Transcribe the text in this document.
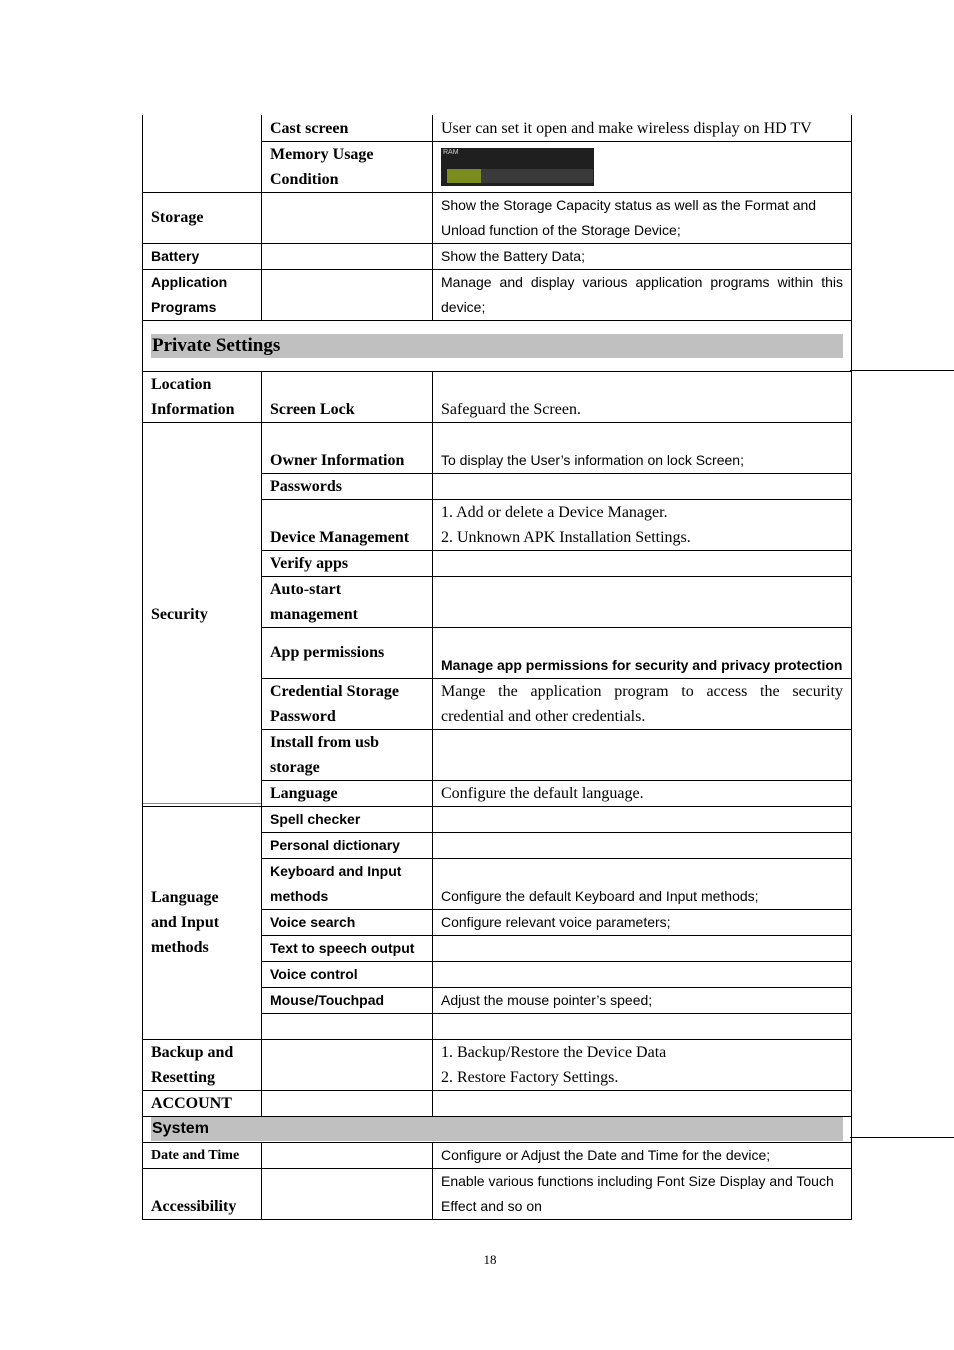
	Cast screen	User can set it open and make wireless display on HD TV
	Memory Usage Condition	RAM

Storage		Show the Storage Capacity status as well as the Format and Unload function of the Storage Device;
Battery		Show the Battery Data;
Application Programs		Manage and display various application programs within this device;

Private Settings		

Location Information	Screen Lock	Safeguard the Screen.
Security	Owner Information	To display the User’s information on lock Screen;
	Passwords	
	Device Management	1. Add or delete a Device Manager.
2. Unknown APK Installation Settings.

	Verify apps	
	Auto-start management	
	App permissions	Manage app permissions for security and privacy protection
	Credential Storage Password	Mange the application program to access the security credential and other credentials.
	Install from usb storage	
	Language	Configure the default language.

Language and Input methods	Spell checker	
	Personal dictionary	
	Keyboard and Input methods	Configure the default Keyboard and Input methods;
	Voice search	Configure relevant voice parameters;
	Text to speech output	
	Voice control	
	Mouse/Touchpad	Adjust the mouse pointer’s speed;

Backup and Resetting		1. Backup/Restore the Device Data
2. Restore Factory Settings.

ACCOUNT		

System		

Date and Time		Configure or Adjust the Date and Time for the device;
Accessibility		Enable various functions including Font Size Display and Touch Effect and so on
18
